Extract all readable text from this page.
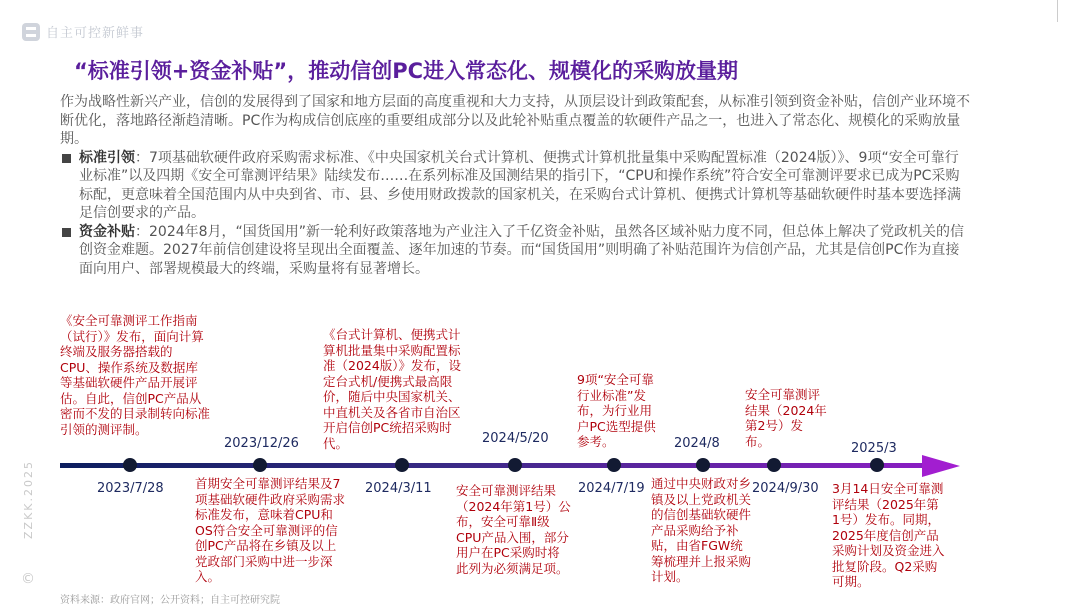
自主可控新鲜事
“标准引领+资金补贴”，推动信创PC进入常态化、规模化的采购放量期

作为战略性新兴产业，信创的发展得到了国家和地方层面的高度重视和大力支持，从顶层设计到政策配套，从标准引领到资金补贴，信创产业环境不断优化，落地路径渐趋清晰。PC作为构成信创底座的重要组成部分以及此轮补贴重点覆盖的软硬件产品之一，也进入了常态化、规模化的采购放量期。

标准引领：7项基础软硬件政府采购需求标准、《中央国家机关台式计算机、便携式计算机批量集中采购配置标准（2024版）》、9项“安全可靠行业标准”以及四期《安全可靠测评结果》陆续发布……在系列标准及国测结果的指引下，“CPU和操作系统”符合安全可靠测评要求已成为PC采购标配，更意味着全国范围内从中央到省、市、县、乡使用财政拨款的国家机关，在采购台式计算机、便携式计算机等基础软硬件时基本要选择满足信创要求的产品。
资金补贴：2024年8月，“国货国用”新一轮利好政策落地为产业注入了千亿资金补贴，虽然各区域补贴力度不同，但总体上解决了党政机关的信创资金难题。2027年前信创建设将呈现出全面覆盖、逐年加速的节奏。而“国货国用”则明确了补贴范围许为信创产品，尤其是信创PC作为直接面向用户、部署规模最大的终端，采购量将有显著增长。
ZZKK.2025
©
2023/7/28
2023/12/26
2024/3/11
2024/5/20
2024/7/19
2024/8
2024/9/30
2025/3
《安全可靠测评工作指南（试行）》发布，面向计算终端及服务器搭载的CPU、操作系统及数据库等基础软硬件产品开展评估。自此，信创PC产品从密而不发的目录制转向标准引领的测评制。
首期安全可靠测评结果及7项基础软硬件政府采购需求标准发布，意味着CPU和OS符合安全可靠测评的信创PC产品将在乡镇及以上党政部门采购中进一步深入。
《台式计算机、便携式计算机批量集中采购配置标准（2024版）》发布，设定台式机/便携式最高限价，随后中央国家机关、中直机关及各省市自治区开启信创PC统招采购时代。
安全可靠测评结果（2024年第1号）公布，安全可靠Ⅱ级CPU产品入围，部分用户在PC采购时将此列为必须满足项。
9项“安全可靠行业标准”发布，为行业用户PC选型提供参考。
通过中央财政对乡镇及以上党政机关的信创基础软硬件产品采购给予补贴，由省FGW统筹梳理并上报采购计划。
安全可靠测评结果（2024年第2号）发布。
3月14日安全可靠测评结果（2025年第1号）发布。同期，2025年度信创产品采购计划及资金进入批复阶段。Q2采购可期。
资料来源：政府官网；公开资料；自主可控研究院
